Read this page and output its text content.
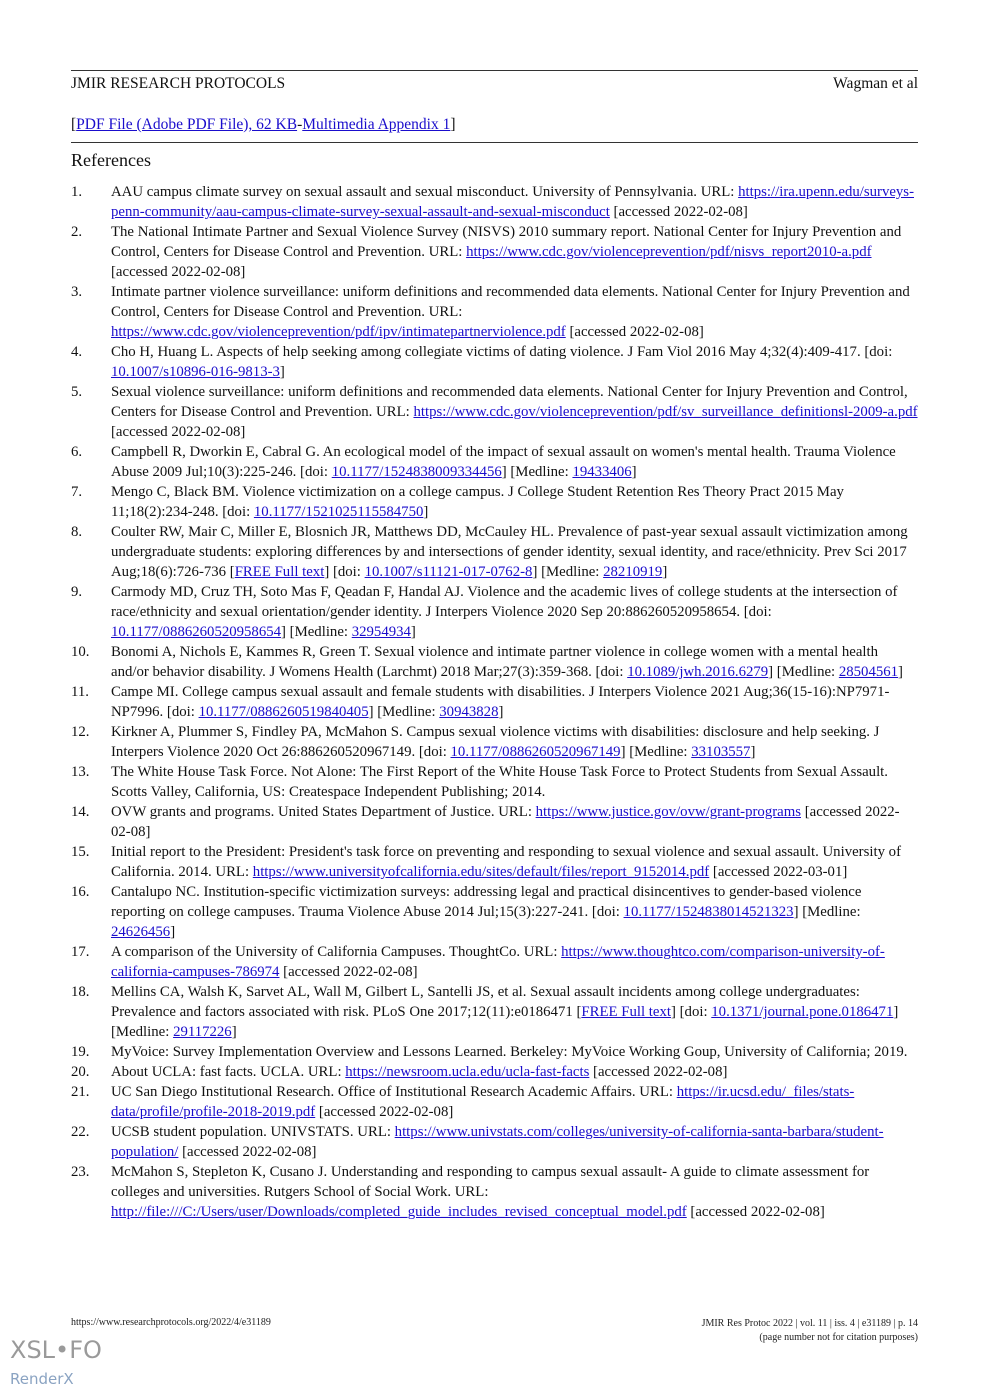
JMIR RESEARCH PROTOCOLS	Wagman et al
[PDF File (Adobe PDF File), 62 KB-Multimedia Appendix 1]
References
1.	AAU campus climate survey on sexual assault and sexual misconduct. University of Pennsylvania. URL: https://ira.upenn.edu/surveys-penn-community/aau-campus-climate-survey-sexual-assault-and-sexual-misconduct [accessed 2022-02-08]
2.	The National Intimate Partner and Sexual Violence Survey (NISVS) 2010 summary report. National Center for Injury Prevention and Control, Centers for Disease Control and Prevention. URL: https://www.cdc.gov/violenceprevention/pdf/nisvs_report2010-a.pdf [accessed 2022-02-08]
3.	Intimate partner violence surveillance: uniform definitions and recommended data elements. National Center for Injury Prevention and Control, Centers for Disease Control and Prevention. URL: https://www.cdc.gov/violenceprevention/pdf/ipv/intimatepartnerviolence.pdf [accessed 2022-02-08]
4.	Cho H, Huang L. Aspects of help seeking among collegiate victims of dating violence. J Fam Viol 2016 May 4;32(4):409-417. [doi: 10.1007/s10896-016-9813-3]
5.	Sexual violence surveillance: uniform definitions and recommended data elements. National Center for Injury Prevention and Control, Centers for Disease Control and Prevention. URL: https://www.cdc.gov/violenceprevention/pdf/sv_surveillance_definitionsl-2009-a.pdf [accessed 2022-02-08]
6.	Campbell R, Dworkin E, Cabral G. An ecological model of the impact of sexual assault on women's mental health. Trauma Violence Abuse 2009 Jul;10(3):225-246. [doi: 10.1177/1524838009334456] [Medline: 19433406]
7.	Mengo C, Black BM. Violence victimization on a college campus. J College Student Retention Res Theory Pract 2015 May 11;18(2):234-248. [doi: 10.1177/1521025115584750]
8.	Coulter RW, Mair C, Miller E, Blosnich JR, Matthews DD, McCauley HL. Prevalence of past-year sexual assault victimization among undergraduate students: exploring differences by and intersections of gender identity, sexual identity, and race/ethnicity. Prev Sci 2017 Aug;18(6):726-736 [FREE Full text] [doi: 10.1007/s11121-017-0762-8] [Medline: 28210919]
9.	Carmody MD, Cruz TH, Soto Mas F, Qeadan F, Handal AJ. Violence and the academic lives of college students at the intersection of race/ethnicity and sexual orientation/gender identity. J Interpers Violence 2020 Sep 20:886260520958654. [doi: 10.1177/0886260520958654] [Medline: 32954934]
10.	Bonomi A, Nichols E, Kammes R, Green T. Sexual violence and intimate partner violence in college women with a mental health and/or behavior disability. J Womens Health (Larchmt) 2018 Mar;27(3):359-368. [doi: 10.1089/jwh.2016.6279] [Medline: 28504561]
11.	Campe MI. College campus sexual assault and female students with disabilities. J Interpers Violence 2021 Aug;36(15-16):NP7971-NP7996. [doi: 10.1177/0886260519840405] [Medline: 30943828]
12.	Kirkner A, Plummer S, Findley PA, McMahon S. Campus sexual violence victims with disabilities: disclosure and help seeking. J Interpers Violence 2020 Oct 26:886260520967149. [doi: 10.1177/0886260520967149] [Medline: 33103557]
13.	The White House Task Force. Not Alone: The First Report of the White House Task Force to Protect Students from Sexual Assault. Scotts Valley, California, US: Createspace Independent Publishing; 2014.
14.	OVW grants and programs. United States Department of Justice. URL: https://www.justice.gov/ovw/grant-programs [accessed 2022-02-08]
15.	Initial report to the President: President's task force on preventing and responding to sexual violence and sexual assault. University of California. 2014. URL: https://www.universityofcalifornia.edu/sites/default/files/report_9152014.pdf [accessed 2022-03-01]
16.	Cantalupo NC. Institution-specific victimization surveys: addressing legal and practical disincentives to gender-based violence reporting on college campuses. Trauma Violence Abuse 2014 Jul;15(3):227-241. [doi: 10.1177/1524838014521323] [Medline: 24626456]
17.	A comparison of the University of California Campuses. ThoughtCo. URL: https://www.thoughtco.com/comparison-university-of-california-campuses-786974 [accessed 2022-02-08]
18.	Mellins CA, Walsh K, Sarvet AL, Wall M, Gilbert L, Santelli JS, et al. Sexual assault incidents among college undergraduates: Prevalence and factors associated with risk. PLoS One 2017;12(11):e0186471 [FREE Full text] [doi: 10.1371/journal.pone.0186471] [Medline: 29117226]
19.	MyVoice: Survey Implementation Overview and Lessons Learned. Berkeley: MyVoice Working Goup, University of California; 2019.
20.	About UCLA: fast facts. UCLA. URL: https://newsroom.ucla.edu/ucla-fast-facts [accessed 2022-02-08]
21.	UC San Diego Institutional Research. Office of Institutional Research Academic Affairs. URL: https://ir.ucsd.edu/_files/stats-data/profile/profile-2018-2019.pdf [accessed 2022-02-08]
22.	UCSB student population. UNIVSTATS. URL: https://www.univstats.com/colleges/university-of-california-santa-barbara/student-population/ [accessed 2022-02-08]
23.	McMahon S, Stepleton K, Cusano J. Understanding and responding to campus sexual assault- A guide to climate assessment for colleges and universities. Rutgers School of Social Work. URL: http://file:///C:/Users/user/Downloads/completed_guide_includes_revised_conceptual_model.pdf [accessed 2022-02-08]
https://www.researchprotocols.org/2022/4/e31189	JMIR Res Protoc 2022 | vol. 11 | iss. 4 | e31189 | p. 14
(page number not for citation purposes)
XSL•FO
RenderX
